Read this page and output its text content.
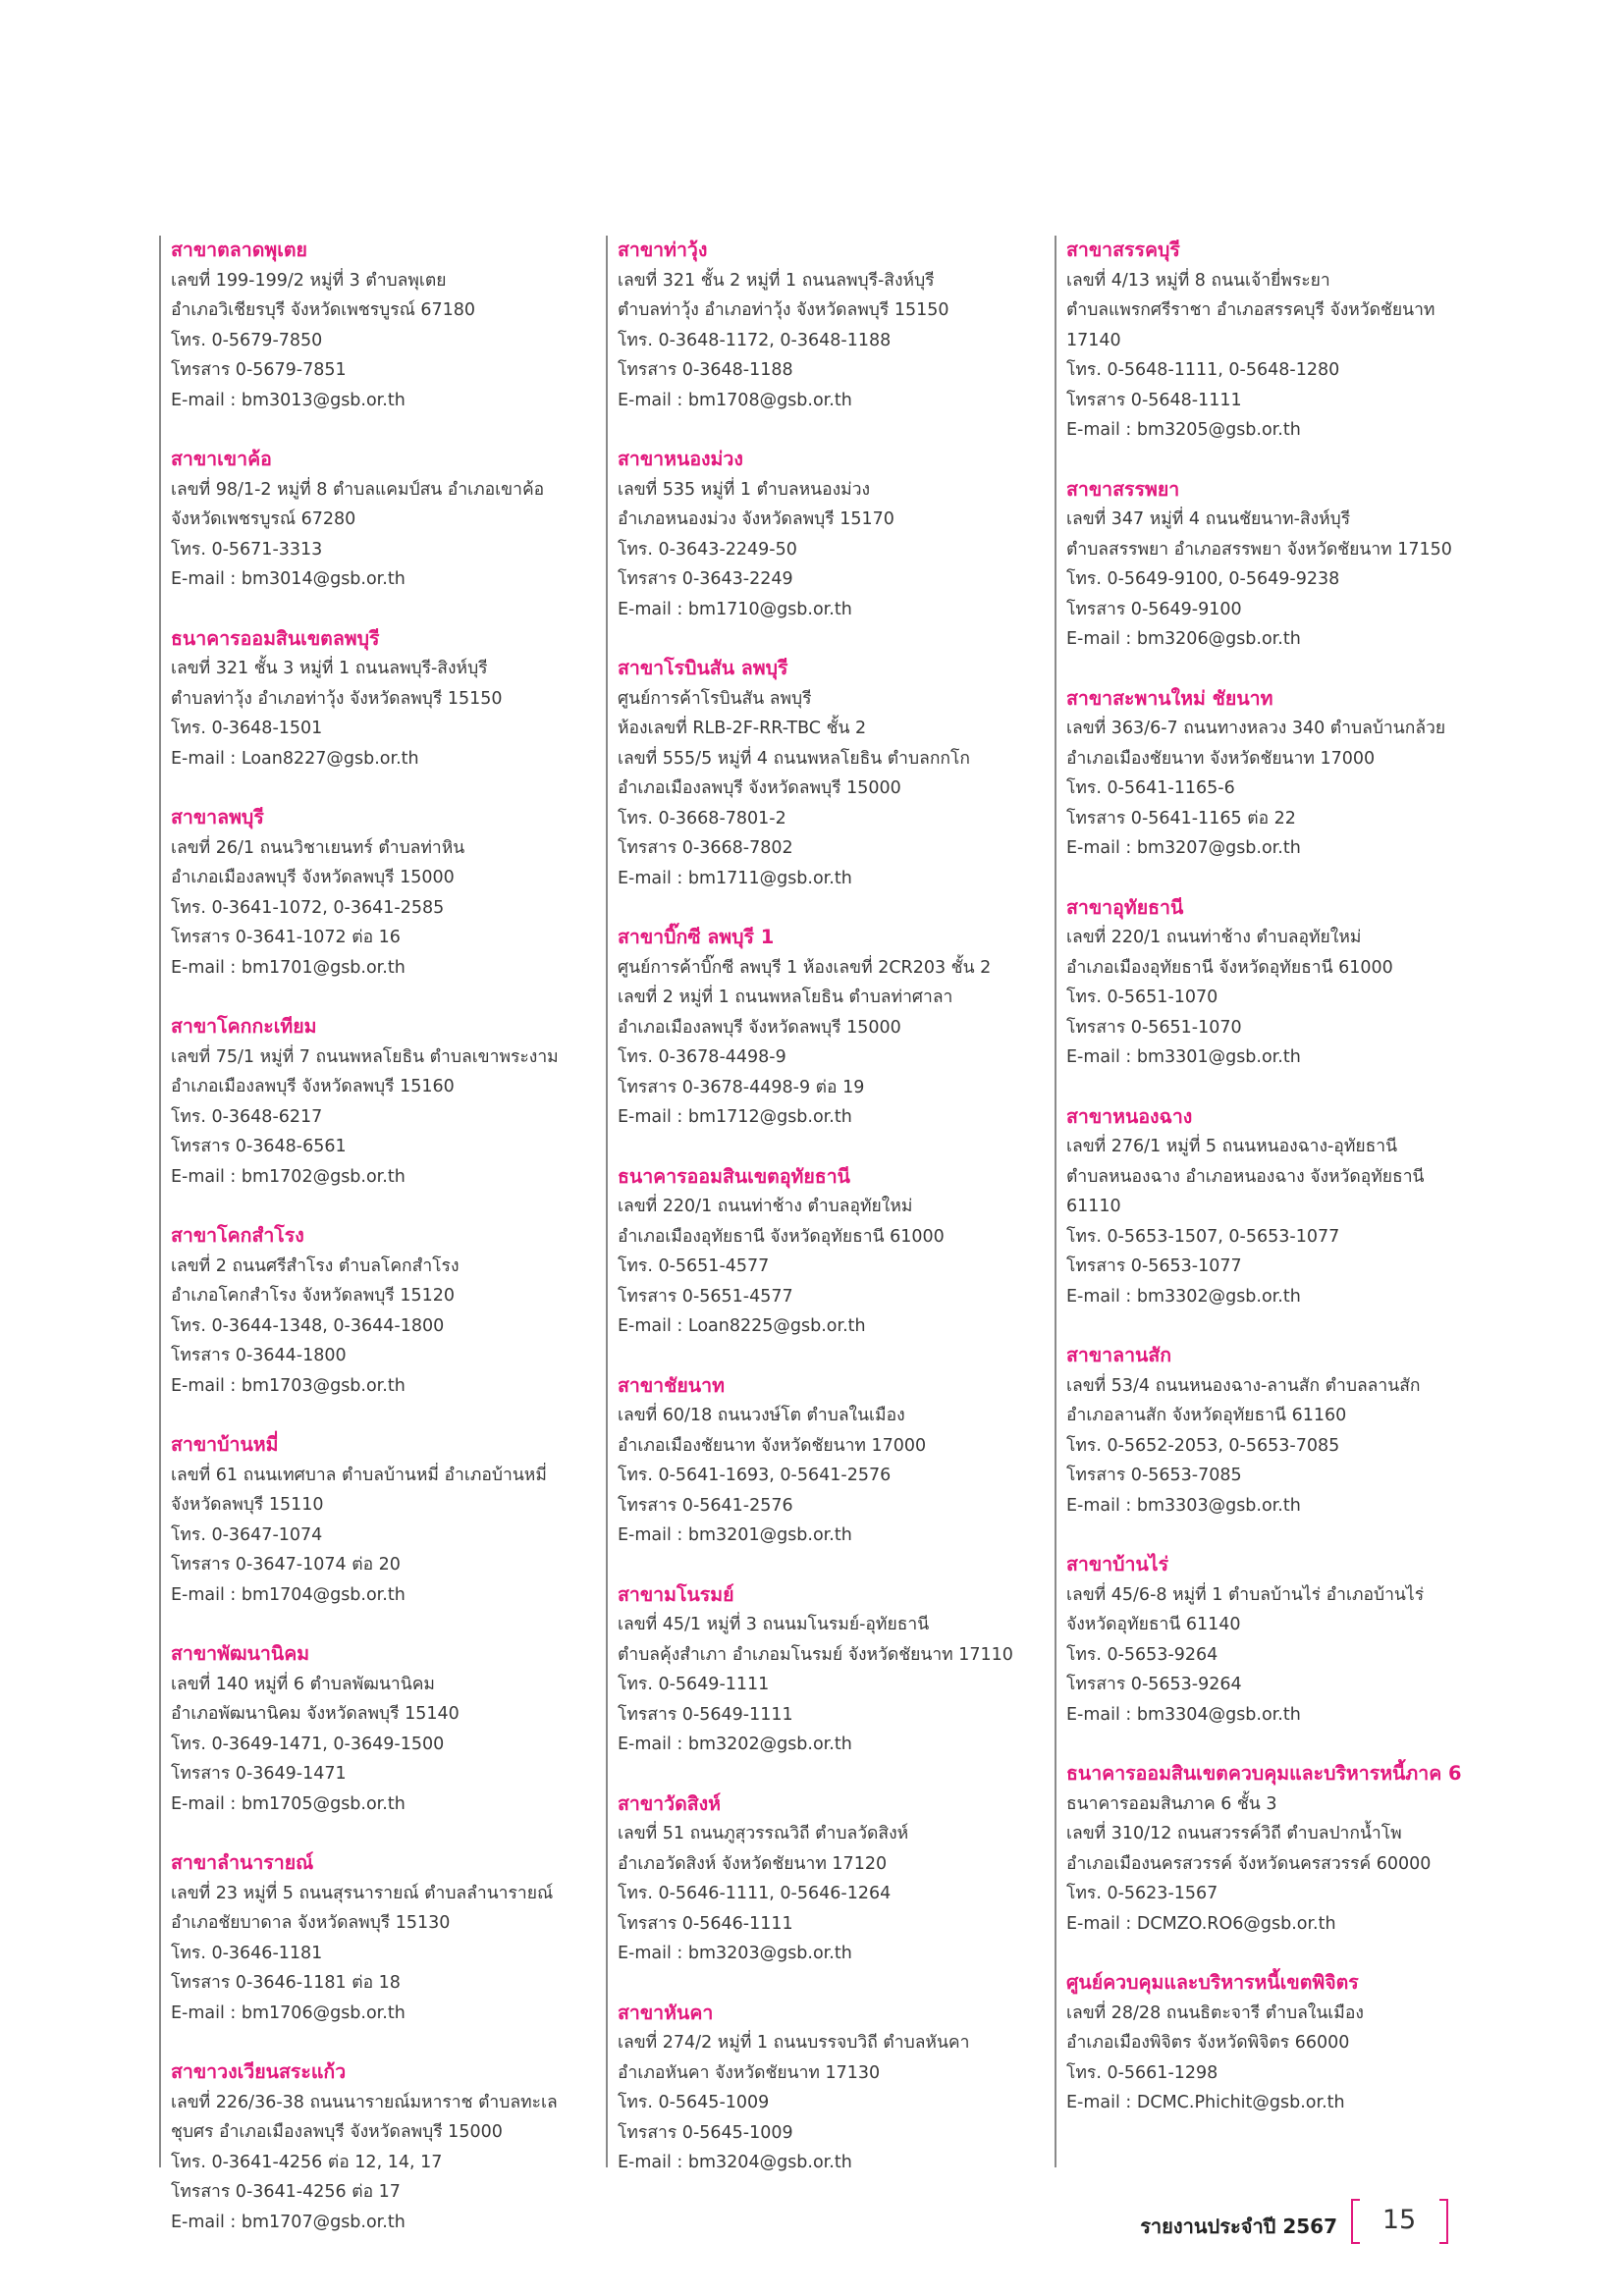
สาขาตลาดพุเตย
เลขที่ 199-199/2 หมู่ที่ 3 ตำบลพุเตย
อำเภอวิเชียรบุรี จังหวัดเพชรบูรณ์ 67180
โทร. 0-5679-7850
โทรสาร 0-5679-7851
E-mail : bm3013@gsb.or.th
สาขาเขาค้อ
เลขที่ 98/1-2 หมู่ที่ 8 ตำบลแคมป์สน อำเภอเขาค้อ
จังหวัดเพชรบูรณ์ 67280
โทร. 0-5671-3313
E-mail : bm3014@gsb.or.th
ธนาคารออมสินเขตลพบุรี
เลขที่ 321 ชั้น 3 หมู่ที่ 1 ถนนลพบุรี-สิงห์บุรี
ตำบลท่าวุ้ง อำเภอท่าวุ้ง จังหวัดลพบุรี 15150
โทร. 0-3648-1501
E-mail : Loan8227@gsb.or.th
สาขาลพบุรี
เลขที่ 26/1 ถนนวิชาเยนทร์ ตำบลท่าหิน
อำเภอเมืองลพบุรี จังหวัดลพบุรี 15000
โทร. 0-3641-1072, 0-3641-2585
โทรสาร 0-3641-1072 ต่อ 16
E-mail : bm1701@gsb.or.th
สาขาโคกกะเทียม
เลขที่ 75/1 หมู่ที่ 7 ถนนพหลโยธิน ตำบลเขาพระงาม
อำเภอเมืองลพบุรี จังหวัดลพบุรี 15160
โทร. 0-3648-6217
โทรสาร 0-3648-6561
E-mail : bm1702@gsb.or.th
สาขาโคกสำโรง
เลขที่ 2 ถนนศรีสำโรง ตำบลโคกสำโรง
อำเภอโคกสำโรง จังหวัดลพบุรี 15120
โทร. 0-3644-1348, 0-3644-1800
โทรสาร 0-3644-1800
E-mail : bm1703@gsb.or.th
สาขาบ้านหมี่
เลขที่ 61 ถนนเทศบาล ตำบลบ้านหมี่ อำเภอบ้านหมี่
จังหวัดลพบุรี 15110
โทร. 0-3647-1074
โทรสาร 0-3647-1074 ต่อ 20
E-mail : bm1704@gsb.or.th
สาขาพัฒนานิคม
เลขที่ 140 หมู่ที่ 6 ตำบลพัฒนานิคม
อำเภอพัฒนานิคม จังหวัดลพบุรี 15140
โทร. 0-3649-1471, 0-3649-1500
โทรสาร 0-3649-1471
E-mail : bm1705@gsb.or.th
สาขาลำนารายณ์
เลขที่ 23 หมู่ที่ 5 ถนนสุรนารายณ์ ตำบลลำนารายณ์
อำเภอชัยบาดาล จังหวัดลพบุรี 15130
โทร. 0-3646-1181
โทรสาร 0-3646-1181 ต่อ 18
E-mail : bm1706@gsb.or.th
สาขาวงเวียนสระแก้ว
เลขที่ 226/36-38 ถนนนารายณ์มหาราช ตำบลทะเล
ชุบศร อำเภอเมืองลพบุรี จังหวัดลพบุรี 15000
โทร. 0-3641-4256 ต่อ 12, 14, 17
โทรสาร 0-3641-4256 ต่อ 17
E-mail : bm1707@gsb.or.th
สาขาท่าวุ้ง
เลขที่ 321 ชั้น 2 หมู่ที่ 1 ถนนลพบุรี-สิงห์บุรี
ตำบลท่าวุ้ง อำเภอท่าวุ้ง จังหวัดลพบุรี 15150
โทร. 0-3648-1172, 0-3648-1188
โทรสาร 0-3648-1188
E-mail : bm1708@gsb.or.th
สาขาหนองม่วง
เลขที่ 535 หมู่ที่ 1 ตำบลหนองม่วง
อำเภอหนองม่วง จังหวัดลพบุรี 15170
โทร. 0-3643-2249-50
โทรสาร 0-3643-2249
E-mail : bm1710@gsb.or.th
สาขาโรบินสัน ลพบุรี
ศูนย์การค้าโรบินสัน ลพบุรี
ห้องเลขที่ RLB-2F-RR-TBC ชั้น 2
เลขที่ 555/5 หมู่ที่ 4 ถนนพหลโยธิน ตำบลกกโก
อำเภอเมืองลพบุรี จังหวัดลพบุรี 15000
โทร. 0-3668-7801-2
โทรสาร 0-3668-7802
E-mail : bm1711@gsb.or.th
สาขาบิ๊กซี ลพบุรี 1
ศูนย์การค้าบิ๊กซี ลพบุรี 1 ห้องเลขที่ 2CR203 ชั้น 2
เลขที่ 2 หมู่ที่ 1 ถนนพหลโยธิน ตำบลท่าศาลา
อำเภอเมืองลพบุรี จังหวัดลพบุรี 15000
โทร. 0-3678-4498-9
โทรสาร 0-3678-4498-9 ต่อ 19
E-mail : bm1712@gsb.or.th
ธนาคารออมสินเขตอุทัยธานี
เลขที่ 220/1 ถนนท่าช้าง ตำบลอุทัยใหม่
อำเภอเมืองอุทัยธานี จังหวัดอุทัยธานี 61000
โทร. 0-5651-4577
โทรสาร 0-5651-4577
E-mail : Loan8225@gsb.or.th
สาขาชัยนาท
เลขที่ 60/18 ถนนวงษ์โต ตำบลในเมือง
อำเภอเมืองชัยนาท จังหวัดชัยนาท 17000
โทร. 0-5641-1693, 0-5641-2576
โทรสาร 0-5641-2576
E-mail : bm3201@gsb.or.th
สาขามโนรมย์
เลขที่ 45/1 หมู่ที่ 3 ถนนมโนรมย์-อุทัยธานี
ตำบลคุ้งสำเภา อำเภอมโนรมย์ จังหวัดชัยนาท 17110
โทร. 0-5649-1111
โทรสาร 0-5649-1111
E-mail : bm3202@gsb.or.th
สาขาวัดสิงห์
เลขที่ 51 ถนนภูสุวรรณวิถี ตำบลวัดสิงห์
อำเภอวัดสิงห์ จังหวัดชัยนาท 17120
โทร. 0-5646-1111, 0-5646-1264
โทรสาร 0-5646-1111
E-mail : bm3203@gsb.or.th
สาขาหันคา
เลขที่ 274/2 หมู่ที่ 1 ถนนบรรจบวิถี ตำบลหันคา
อำเภอหันคา จังหวัดชัยนาท 17130
โทร. 0-5645-1009
โทรสาร 0-5645-1009
E-mail : bm3204@gsb.or.th
สาขาสรรคบุรี
เลขที่ 4/13 หมู่ที่ 8 ถนนเจ้ายี่พระยา
ตำบลแพรกศรีราชา อำเภอสรรคบุรี จังหวัดชัยนาท
17140
โทร. 0-5648-1111, 0-5648-1280
โทรสาร 0-5648-1111
E-mail : bm3205@gsb.or.th
สาขาสรรพยา
เลขที่ 347 หมู่ที่ 4 ถนนชัยนาท-สิงห์บุรี
ตำบลสรรพยา อำเภอสรรพยา จังหวัดชัยนาท 17150
โทร. 0-5649-9100, 0-5649-9238
โทรสาร 0-5649-9100
E-mail : bm3206@gsb.or.th
สาขาสะพานใหม่ ชัยนาท
เลขที่ 363/6-7 ถนนทางหลวง 340 ตำบลบ้านกล้วย
อำเภอเมืองชัยนาท จังหวัดชัยนาท 17000
โทร. 0-5641-1165-6
โทรสาร 0-5641-1165 ต่อ 22
E-mail : bm3207@gsb.or.th
สาขาอุทัยธานี
เลขที่ 220/1 ถนนท่าช้าง ตำบลอุทัยใหม่
อำเภอเมืองอุทัยธานี จังหวัดอุทัยธานี 61000
โทร. 0-5651-1070
โทรสาร 0-5651-1070
E-mail : bm3301@gsb.or.th
สาขาหนองฉาง
เลขที่ 276/1 หมู่ที่ 5 ถนนหนองฉาง-อุทัยธานี
ตำบลหนองฉาง อำเภอหนองฉาง จังหวัดอุทัยธานี
61110
โทร. 0-5653-1507, 0-5653-1077
โทรสาร 0-5653-1077
E-mail : bm3302@gsb.or.th
สาขาลานสัก
เลขที่ 53/4 ถนนหนองฉาง-ลานสัก ตำบลลานสัก
อำเภอลานสัก จังหวัดอุทัยธานี 61160
โทร. 0-5652-2053, 0-5653-7085
โทรสาร 0-5653-7085
E-mail : bm3303@gsb.or.th
สาขาบ้านไร่
เลขที่ 45/6-8 หมู่ที่ 1 ตำบลบ้านไร่ อำเภอบ้านไร่
จังหวัดอุทัยธานี 61140
โทร. 0-5653-9264
โทรสาร 0-5653-9264
E-mail : bm3304@gsb.or.th
ธนาคารออมสินเขตควบคุมและบริหารหนี้ภาค 6
ธนาคารออมสินภาค 6 ชั้น 3
เลขที่ 310/12 ถนนสวรรค์วิถี ตำบลปากน้ำโพ
อำเภอเมืองนครสวรรค์ จังหวัดนครสวรรค์ 60000
โทร. 0-5623-1567
E-mail : DCMZO.RO6@gsb.or.th
ศูนย์ควบคุมและบริหารหนี้เขตพิจิตร
เลขที่ 28/28 ถนนธิตะจารี ตำบลในเมือง
อำเภอเมืองพิจิตร จังหวัดพิจิตร 66000
โทร. 0-5661-1298
E-mail : DCMC.Phichit@gsb.or.th
รายงานประจำปี 2567	15
